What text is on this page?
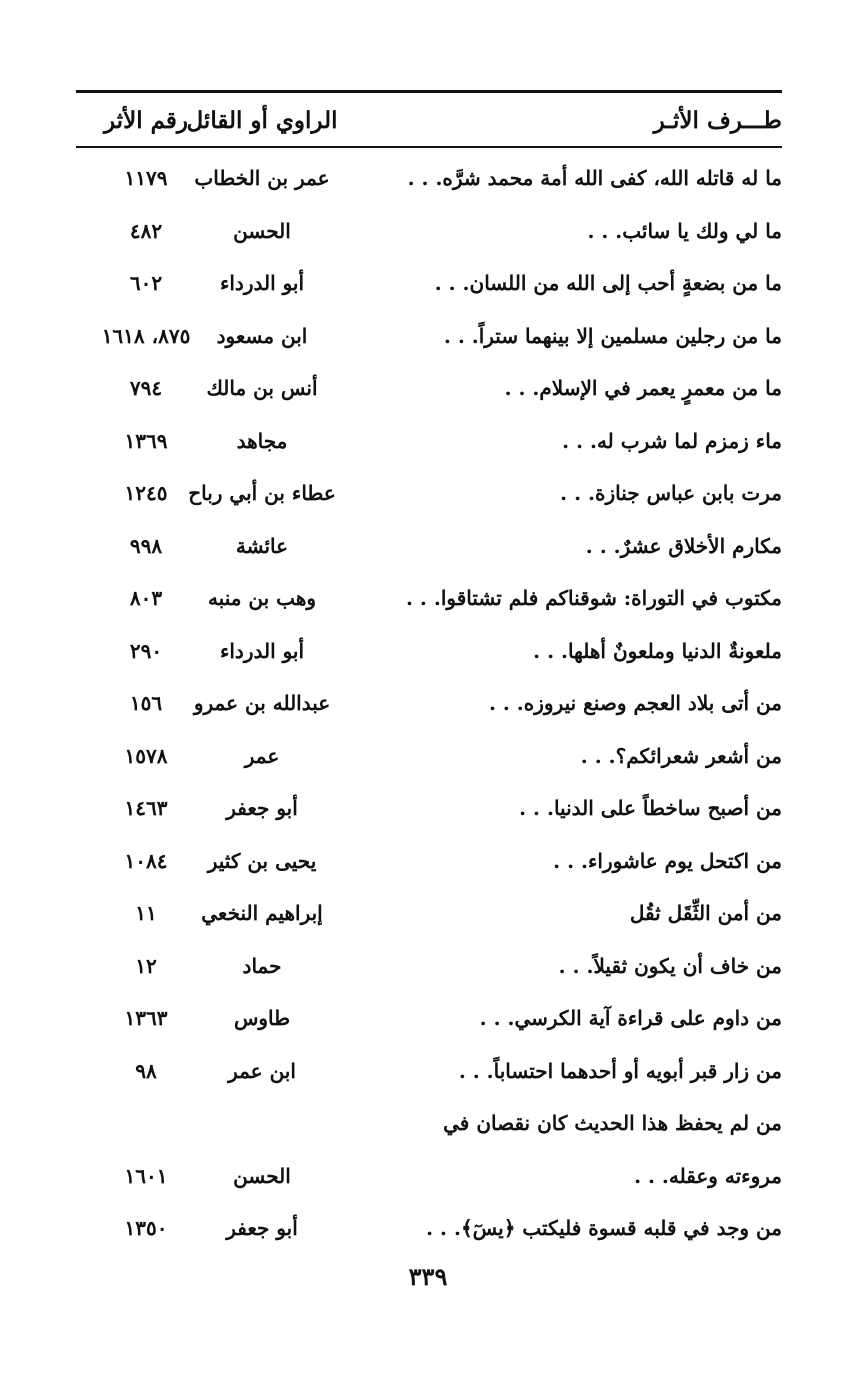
طـــرف الأثـر
الراوي أو القائل
رقم الأثر
ما له قاتله الله، كفى الله أمة محمد شرَّه. . .
عمر بن الخطاب
١١٧٩
ما لي ولك يا سائب. . .
الحسن
٤٨٢
ما من بضعةٍ أحب إلى الله من اللسان. . .
أبو الدرداء
٦٠٢
ما من رجلين مسلمين إلا بينهما ستراً. . .
ابن مسعود
٨٧٥، ١٦١٨
ما من معمرٍ يعمر في الإسلام. . .
أنس بن مالك
٧٩٤
ماء زمزم لما شرب له. . .
مجاهد
١٣٦٩
مرت بابن عباس جنازة. . .
عطاء بن أبي رباح
١٢٤٥
مكارم الأخلاق عشرٌ. . .
عائشة
٩٩٨
مكتوب في التوراة: شوقناكم فلم تشتاقوا. . .
وهب بن منبه
٨٠٣
ملعونةٌ الدنيا وملعونٌ أهلها. . .
أبو الدرداء
٢٩٠
من أتى بلاد العجم وصنع نيروزه. . .
عبدالله بن عمرو
١٥٦
من أشعر شعرائكم؟. . .
عمر
١٥٧٨
من أصبح ساخطاً على الدنيا. . .
أبو جعفر
١٤٦٣
من اكتحل يوم عاشوراء. . .
يحيى بن كثير
١٠٨٤
من أمن الثِّقَل ثقُل
إبراهيم النخعي
١١
من خاف أن يكون ثقيلاً. . .
حماد
١٢
من داوم على قراءة آية الكرسي. . .
طاوس
١٣٦٣
من زار قبر أبويه أو أحدهما احتساباً. . .
ابن عمر
٩٨
من لم يحفظ هذا الحديث كان نقصان في
مروءته وعقله. . .
الحسن
١٦٠١
من وجد في قلبه قسوة فليكتب ﴿يسٓ﴾. . .
أبو جعفر
١٣٥٠
٣٣٩
